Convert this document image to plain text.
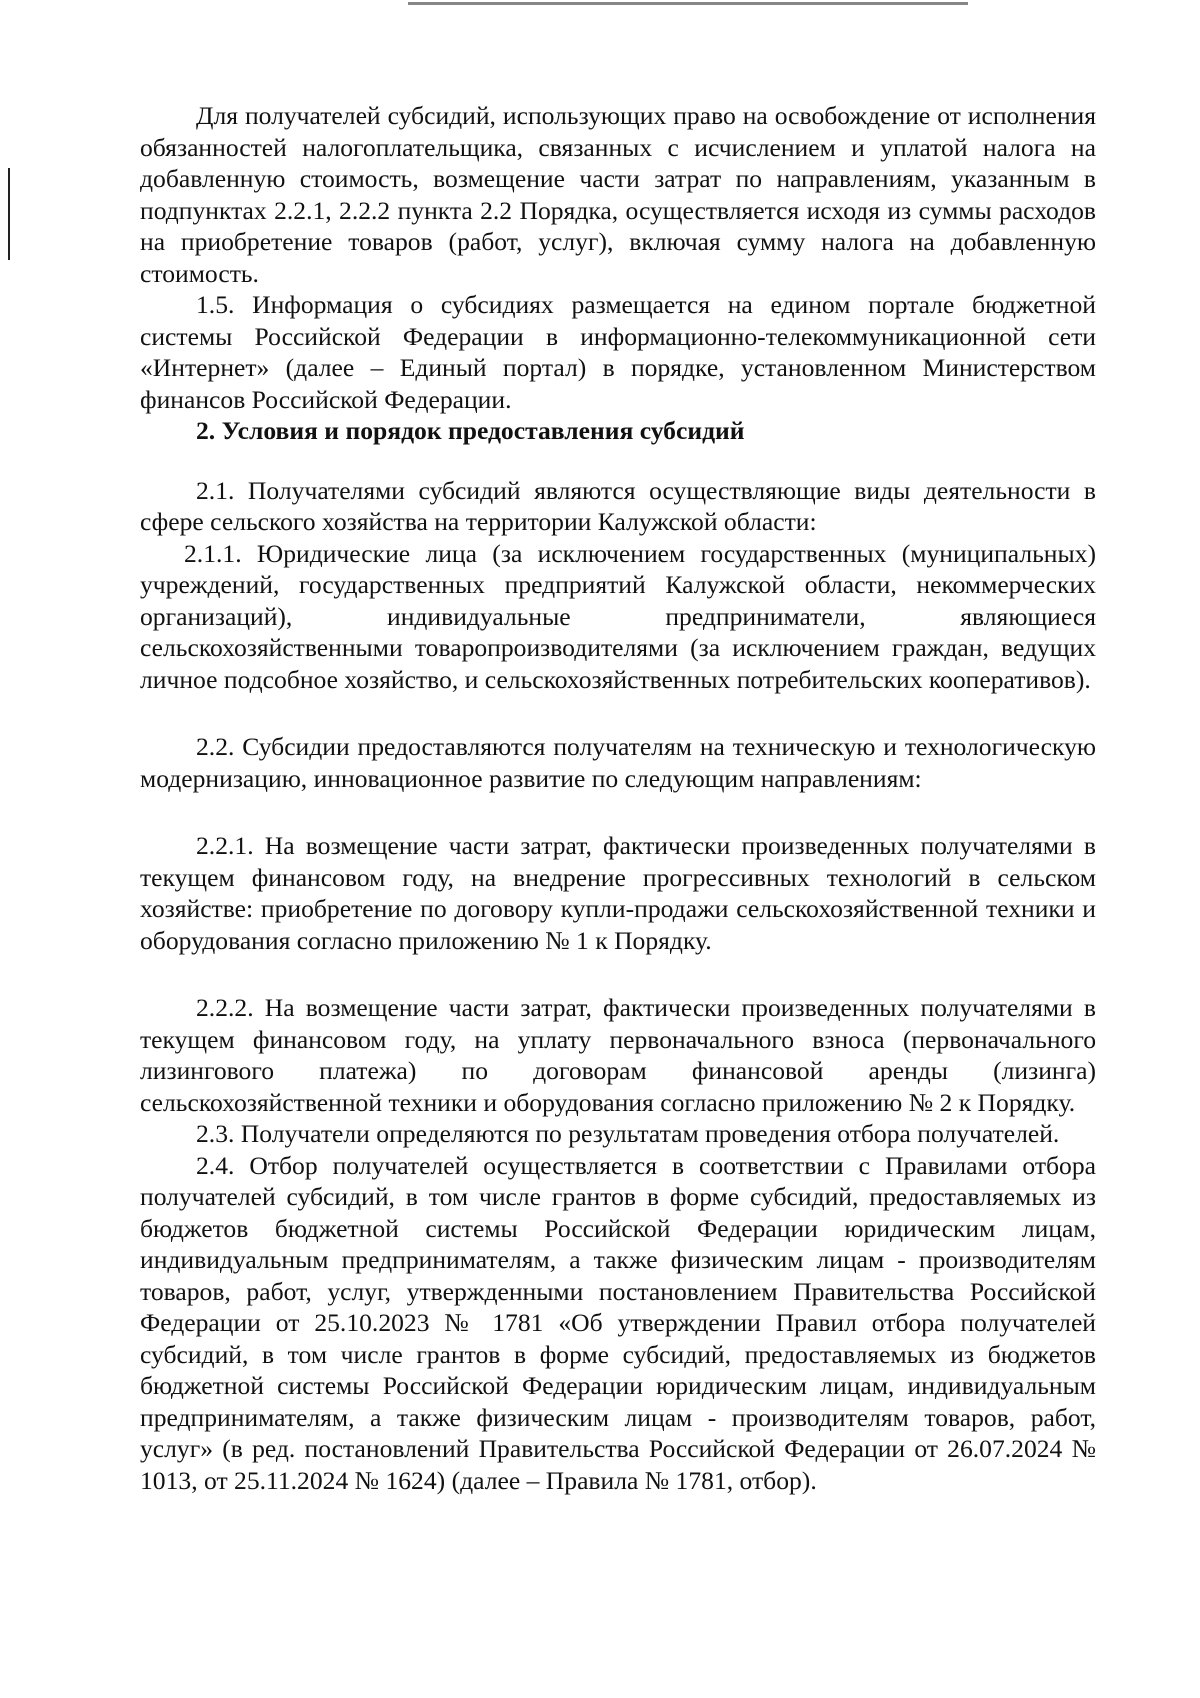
Для получателей субсидий, использующих право на освобождение от исполнения обязанностей налогоплательщика, связанных с исчислением и уплатой налога на добавленную стоимость, возмещение части затрат по направлениям, указанным в подпунктах 2.2.1, 2.2.2 пункта 2.2 Порядка, осуществляется исходя из суммы расходов на приобретение товаров (работ, услуг), включая сумму налога на добавленную стоимость.

1.5. Информация о субсидиях размещается на едином портале бюджетной системы Российской Федерации в информационно-телекоммуникационной сети «Интернет» (далее – Единый портал) в порядке, установленном Министерством финансов Российской Федерации.

2. Условия и порядок предоставления субсидий

2.1. Получателями субсидий являются осуществляющие виды деятельности в сфере сельского хозяйства на территории Калужской области:

2.1.1. Юридические лица (за исключением государственных (муниципальных) учреждений, государственных предприятий Калужской области, некоммерческих организаций), индивидуальные предприниматели, являющиеся сельскохозяйственными товаропроизводителями (за исключением граждан, ведущих личное подсобное хозяйство, и сельскохозяйственных потребительских кооперативов).

2.2. Субсидии предоставляются получателям на техническую и технологическую модернизацию, инновационное развитие по следующим направлениям:

2.2.1. На возмещение части затрат, фактически произведенных получателями в текущем финансовом году, на внедрение прогрессивных технологий в сельском хозяйстве: приобретение по договору купли-продажи сельскохозяйственной техники и оборудования согласно приложению № 1 к Порядку.

2.2.2. На возмещение части затрат, фактически произведенных получателями в текущем финансовом году, на уплату первоначального взноса (первоначального лизингового платежа) по договорам финансовой аренды (лизинга) сельскохозяйственной техники и оборудования согласно приложению № 2 к Порядку.

2.3. Получатели определяются по результатам проведения отбора получателей.

2.4. Отбор получателей осуществляется в соответствии с Правилами отбора получателей субсидий, в том числе грантов в форме субсидий, предоставляемых из бюджетов бюджетной системы Российской Федерации юридическим лицам, индивидуальным предпринимателям, а также физическим лицам - производителям товаров, работ, услуг, утвержденными постановлением Правительства Российской Федерации от 25.10.2023 № 1781 «Об утверждении Правил отбора получателей субсидий, в том числе грантов в форме субсидий, предоставляемых из бюджетов бюджетной системы Российской Федерации юридическим лицам, индивидуальным предпринимателям, а также физическим лицам - производителям товаров, работ, услуг» (в ред. постановлений Правительства Российской Федерации от 26.07.2024 № 1013, от 25.11.2024 № 1624) (далее – Правила № 1781, отбор).
